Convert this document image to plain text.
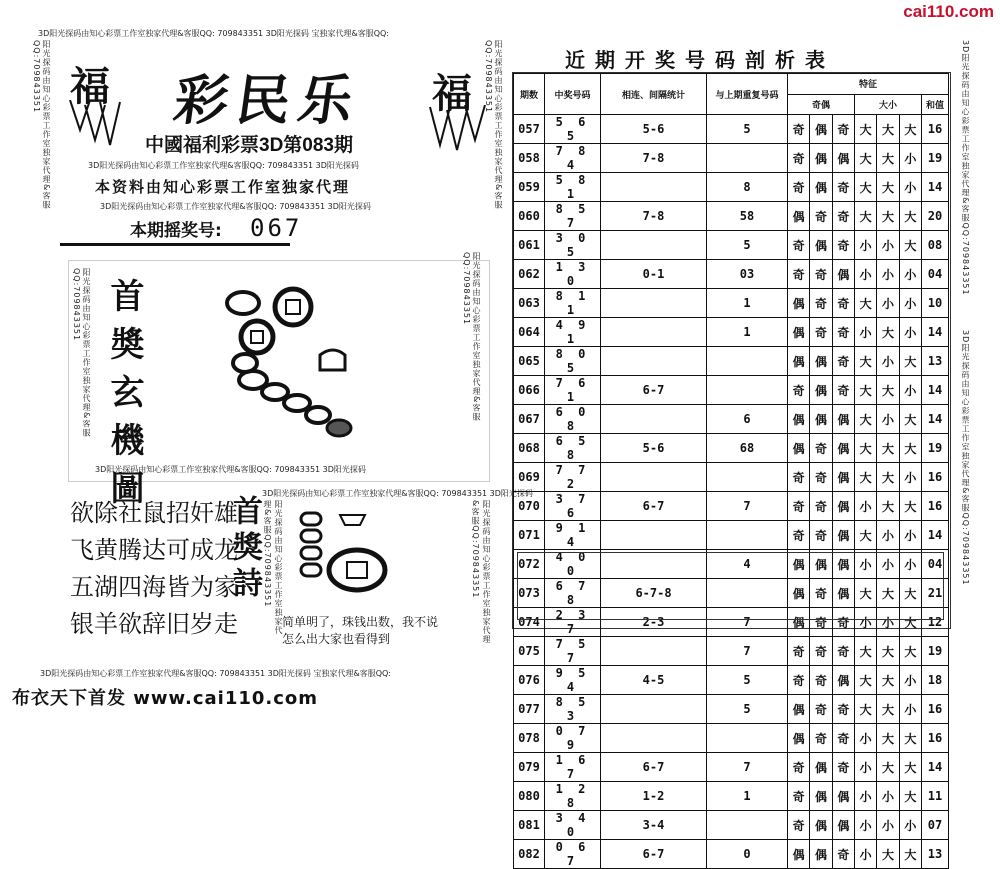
cai110.com
3D阳光探码由知心彩票工作室独家代理&客服QQ: 709843351 3D阳光探码 宝独家代理&客服QQ:
阳光探码由知心彩票工作室独家代理&客服QQ:709843351	阳光探码由知心彩票工作室独家代理&客服QQ:709843351
福	福
彩民乐
中國福利彩票3D第083期
3D阳光探码由知心彩票工作室独家代理&客服QQ: 709843351 3D阳光探码
本资料由知心彩票工作室独家代理
3D阳光探码由知心彩票工作室独家代理&客服QQ: 709843351 3D阳光探码
本期摇奖号: 067
阳光探码由知心彩票工作室独家代理&客服QQ:709843351	阳光探码由知心彩票工作室独家代理&客服QQ:709843351
首奬玄機圖
3D阳光探码由知心彩票工作室独家代理&客服QQ: 709843351 3D阳光探码
欲除社鼠招奸雄
飞黄腾达可成龙
五湖四海皆为家
银羊欲辞旧岁走
首獎詩
3D阳光探码由知心彩票工作室独家代理&客服QQ: 709843351 3D阳光探码
阳光探码由知心彩票工作室独家代理&客服QQ:709843351	阳光探码由知心彩票工作室独家代理&客服QQ:709843351
简单明了，珠钱出数，我不说
怎么出大家也看得到
3D阳光探码由知心彩票工作室独家代理&客服QQ: 709843351 3D阳光探码 宝独家代理&客服QQ:
布衣天下首发 www.cai110.com
近期开奖号码剖析表
期数	中奖号码	相连、间隔统计	与上期重复号码	特征						
				奇偶			大小			和值
057	5 6 5	5-6	5	奇	偶	奇	大	大	大	16
058	7 8 4	7-8		奇	偶	偶	大	大	小	19
059	5 8 1		8	奇	偶	奇	大	大	小	14
060	8 5 7	7-8	58	偶	奇	奇	大	大	大	20
061	3 0 5		5	奇	偶	奇	小	小	大	08
062	1 3 0	0-1	03	奇	奇	偶	小	小	小	04
063	8 1 1		1	偶	奇	奇	大	小	小	10
064	4 9 1		1	偶	奇	奇	小	大	小	14
065	8 0 5			偶	偶	奇	大	小	大	13
066	7 6 1	6-7		奇	偶	奇	大	大	小	14
067	6 0 8		6	偶	偶	偶	大	小	大	14
068	6 5 8	5-6	68	偶	奇	偶	大	大	大	19
069	7 7 2			奇	奇	偶	大	大	小	16
070	3 7 6	6-7	7	奇	奇	偶	小	大	大	16
071	9 1 4			奇	奇	偶	大	小	小	14
072	4 0 0		4	偶	偶	偶	小	小	小	04
073	6 7 8	6-7-8		偶	奇	偶	大	大	大	21
074	2 3 7	2-3	7	偶	奇	奇	小	小	大	12
075	7 5 7		7	奇	奇	奇	大	大	大	19
076	9 5 4	4-5	5	奇	奇	偶	大	大	小	18
077	8 5 3		5	偶	奇	奇	大	大	小	16
078	0 7 9			偶	奇	奇	小	大	大	16
079	1 6 7	6-7	7	奇	偶	奇	小	大	大	14
080	1 2 8	1-2	1	奇	偶	偶	小	小	大	11
081	3 4 0	3-4		奇	偶	偶	小	小	小	07
082	0 6 7	6-7	0	偶	偶	奇	小	大	大	13
3D阳光探码由知心彩票工作室独家代理&客服QQ:709843351
3D阳光探码由知心彩票工作室独家代理&客服QQ:709843351
